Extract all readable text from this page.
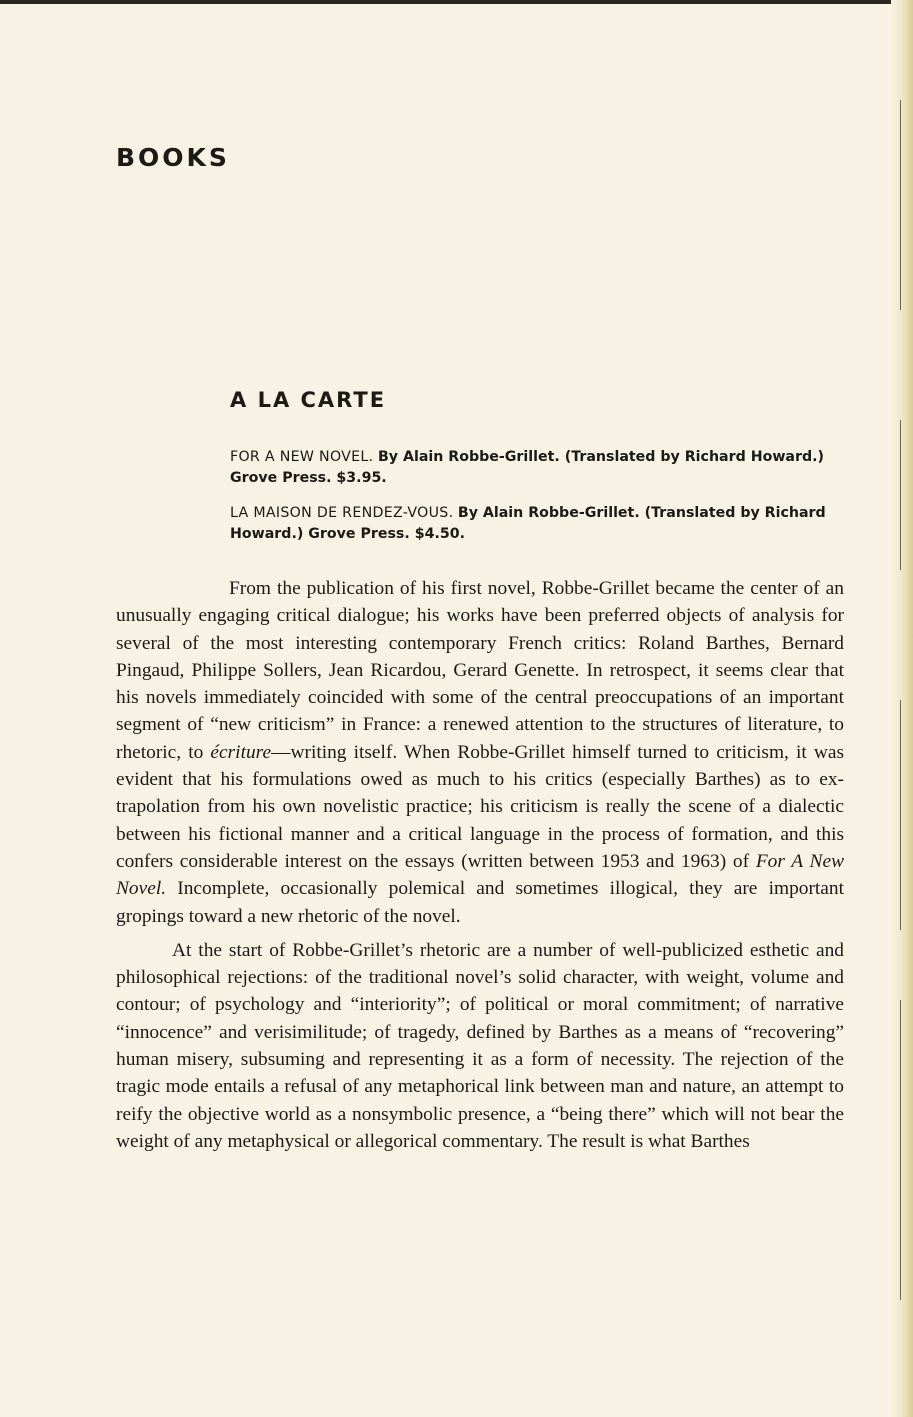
BOOKS
A LA CARTE

FOR A NEW NOVEL. By Alain Robbe-Grillet. (Translated by Richard Howard.) Grove Press. $3.95.

LA MAISON DE RENDEZ-VOUS. By Alain Robbe-Grillet. (Translated by Richard Howard.) Grove Press. $4.50.

From the publication of his first novel, Robbe-Grillet became the center of an unusually engaging critical dialogue; his works have been preferred objects of analysis for several of the most interesting contemporary French critics: Roland Barthes, Bernard Pingaud, Philippe Sollers, Jean Ricardou, Gerard Genette. In retrospect, it seems clear that his novels immediately coincided with some of the central preoccupations of an important segment of “new criticism” in France: a renewed attention to the structures of literature, to rhetoric, to écriture—writing itself. When Robbe-Grillet himself turned to criticism, it was evident that his formulations owed as much to his critics (especially Barthes) as to extrapolation from his own novelistic practice; his criticism is really the scene of a dialectic between his fictional manner and a critical language in the process of formation, and this confers considerable interest on the essays (written between 1953 and 1963) of For A New Novel. Incomplete, occasionally polemical and sometimes illogical, they are important gropings toward a new rhetoric of the novel.

At the start of Robbe-Grillet’s rhetoric are a number of well-publicized esthetic and philosophical rejections: of the traditional novel’s solid character, with weight, volume and contour; of psychology and “interiority”; of political or moral commitment; of narrative “innocence” and verisimilitude; of tragedy, defined by Barthes as a means of “recovering” human misery, subsuming and representing it as a form of necessity. The rejection of the tragic mode entails a refusal of any metaphorical link between man and nature, an attempt to reify the objective world as a nonsymbolic presence, a “being there” which will not bear the weight of any metaphysical or allegorical commentary. The result is what Barthes
